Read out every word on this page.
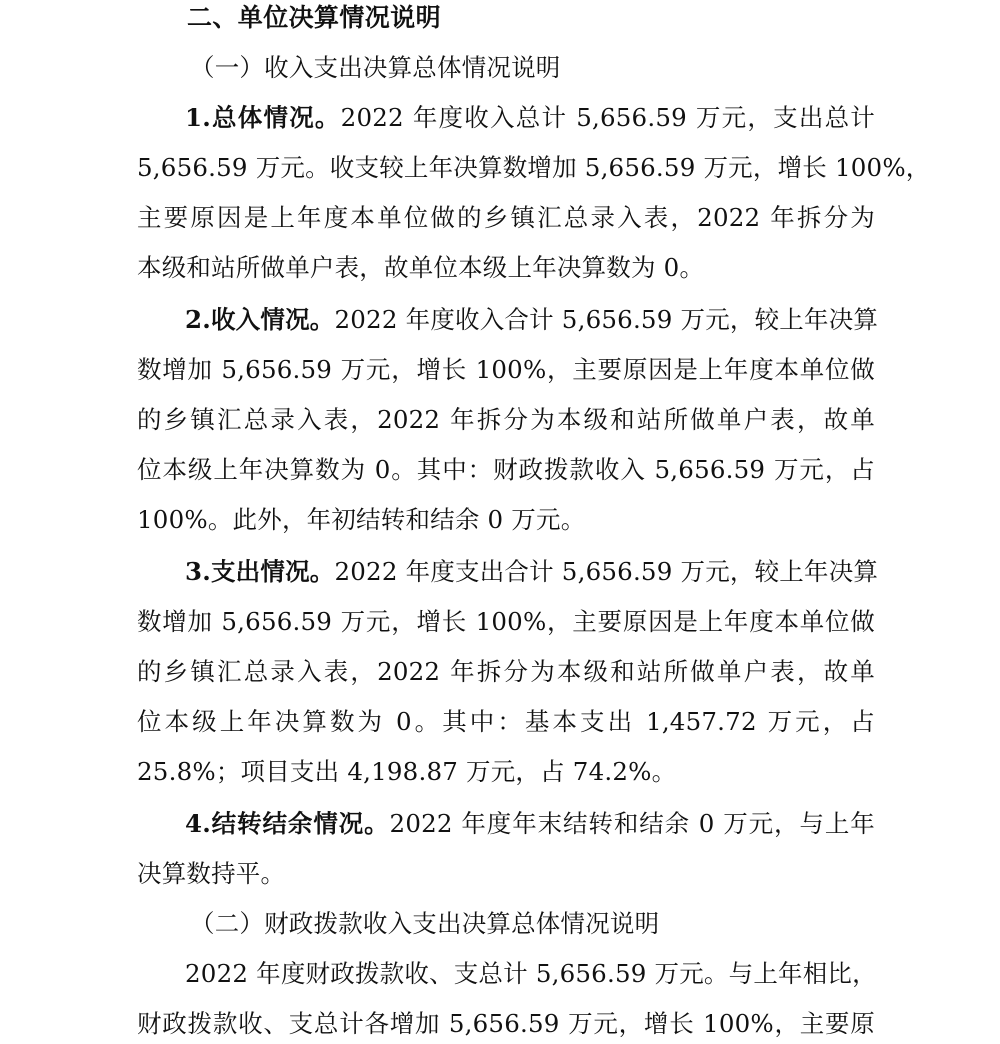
二、单位决算情况说明
（一）收入支出决算总体情况说明
1.总体情况。2022 年度收入总计 5,656.59 万元，支出总计
5,656.59 万元。收支较上年决算数增加 5,656.59 万元，增长 100%，
主要原因是上年度本单位做的乡镇汇总录入表，2022 年拆分为
本级和站所做单户表，故单位本级上年决算数为 0。
2.收入情况。2022 年度收入合计 5,656.59 万元，较上年决算
数增加 5,656.59 万元，增长 100%，主要原因是上年度本单位做
的乡镇汇总录入表，2022 年拆分为本级和站所做单户表，故单
位本级上年决算数为 0。其中：财政拨款收入 5,656.59 万元，占
100%。此外，年初结转和结余 0 万元。
3.支出情况。2022 年度支出合计 5,656.59 万元，较上年决算
数增加 5,656.59 万元，增长 100%，主要原因是上年度本单位做
的乡镇汇总录入表，2022 年拆分为本级和站所做单户表，故单
位本级上年决算数为 0。其中：基本支出 1,457.72 万元，占
25.8%；项目支出 4,198.87 万元，占 74.2%。
4.结转结余情况。2022 年度年末结转和结余 0 万元，与上年
决算数持平。
（二）财政拨款收入支出决算总体情况说明
2022 年度财政拨款收、支总计 5,656.59 万元。与上年相比，
财政拨款收、支总计各增加 5,656.59 万元，增长 100%，主要原
